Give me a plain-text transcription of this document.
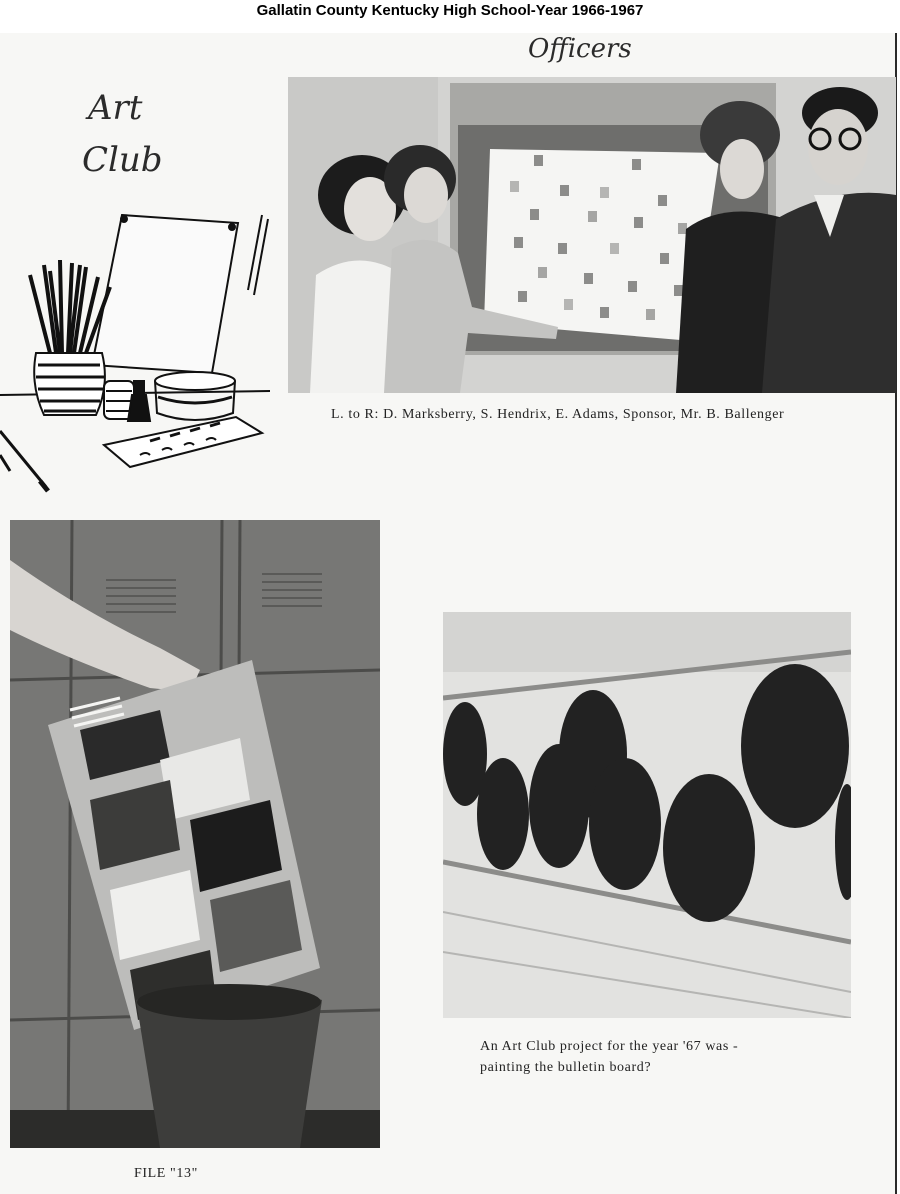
Gallatin County Kentucky High School-Year 1966-1967
Art
Club
Officers
L. to R: D. Marksberry, S. Hendrix, E. Adams, Sponsor, Mr. B. Ballenger
FILE "13"
An Art Club project for the year '67 was -
painting the bulletin board?
